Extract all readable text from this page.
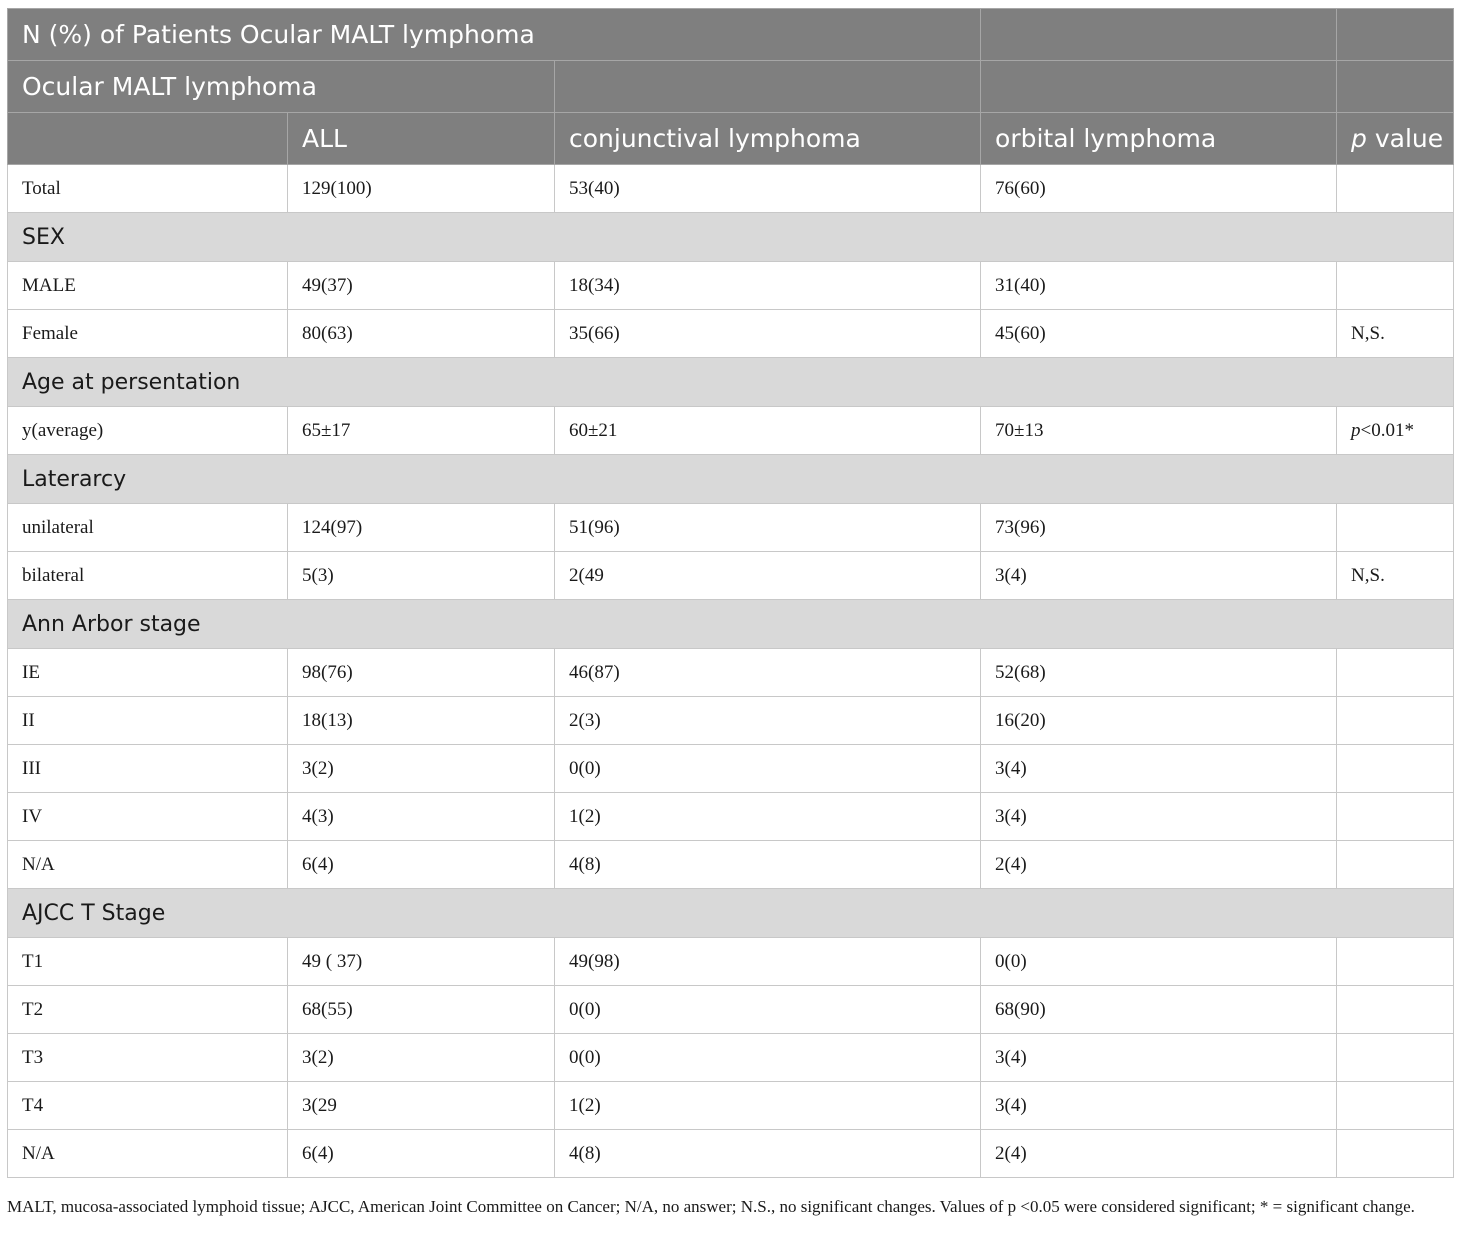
N (%) of Patients Ocular MALT lymphoma				
Ocular MALT lymphoma				
	ALL	conjunctival lymphoma	orbital lymphoma	p value
Total	129(100)	53(40)	76(60)	
SEX				
MALE	49(37)	18(34)	31(40)	
Female	80(63)	35(66)	45(60)	N,S.
Age at persentation				
y(average)	65±17	60±21	70±13	p<0.01*
Laterarcy				
unilateral	124(97)	51(96)	73(96)	
bilateral	5(3)	2(49	3(4)	N,S.
Ann Arbor stage				
IE	98(76)	46(87)	52(68)	
II	18(13)	2(3)	16(20)	
III	3(2)	0(0)	3(4)	
IV	4(3)	1(2)	3(4)	
N/A	6(4)	4(8)	2(4)	
AJCC T Stage				
T1	49 ( 37)	49(98)	0(0)	
T2	68(55)	0(0)	68(90)	
T3	3(2)	0(0)	3(4)	
T4	3(29	1(2)	3(4)	
N/A	6(4)	4(8)	2(4)	
MALT, mucosa-associated lymphoid tissue; AJCC, American Joint Committee on Cancer; N/A, no answer; N.S., no significant changes. Values of p <0.05 were considered significant; * = significant change.
